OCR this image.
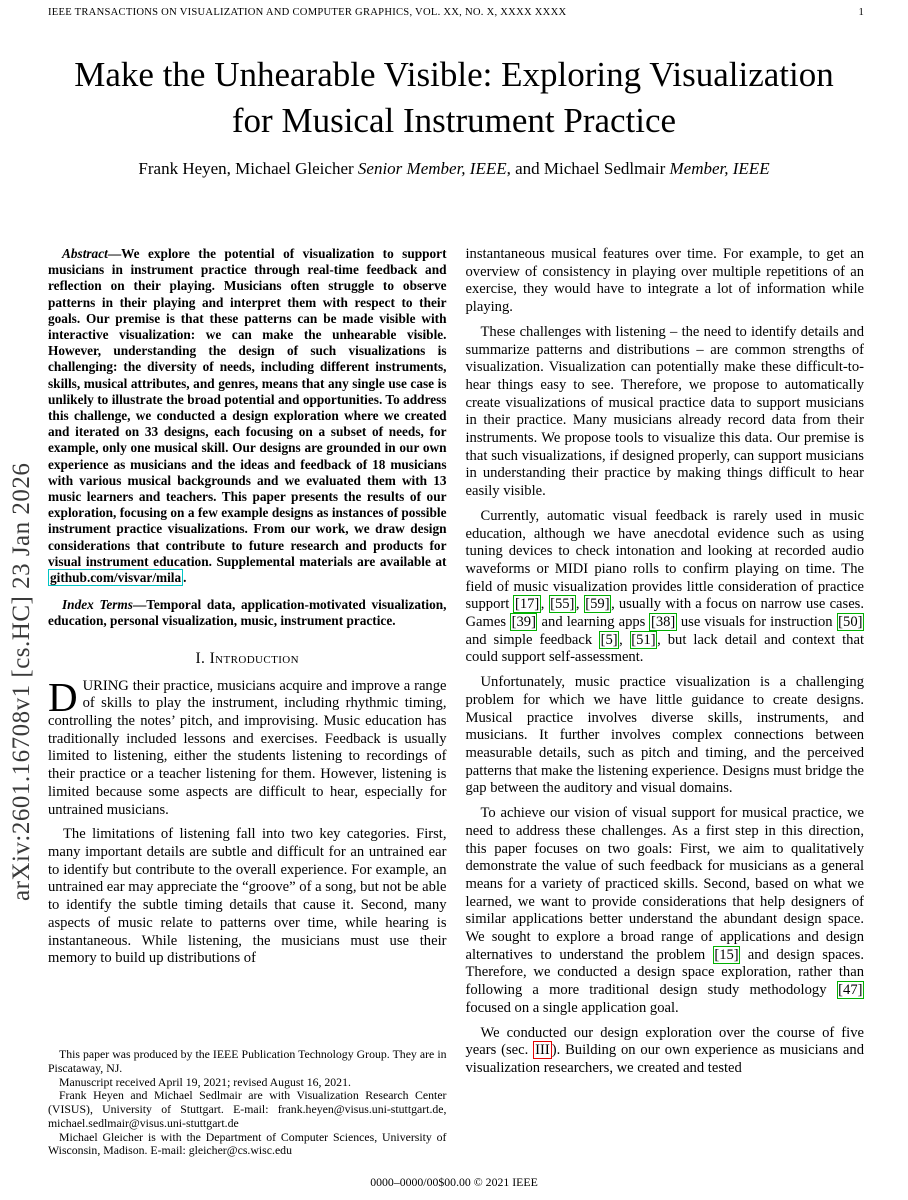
IEEE TRANSACTIONS ON VISUALIZATION AND COMPUTER GRAPHICS, VOL. XX, NO. X, XXXX XXXX	1
arXiv:2601.16708v1 [cs.HC] 23 Jan 2026
Make the Unhearable Visible: Exploring Visualization for Musical Instrument Practice
Frank Heyen, Michael Gleicher Senior Member, IEEE, and Michael Sedlmair Member, IEEE

Abstract—We explore the potential of visualization to support musicians in instrument practice through real-time feedback and reflection on their playing. Musicians often struggle to observe patterns in their playing and interpret them with respect to their goals. Our premise is that these patterns can be made visible with interactive visualization: we can make the unhearable visible. However, understanding the design of such visualizations is challenging: the diversity of needs, including different instruments, skills, musical attributes, and genres, means that any single use case is unlikely to illustrate the broad potential and opportunities. To address this challenge, we conducted a design exploration where we created and iterated on 33 designs, each focusing on a subset of needs, for example, only one musical skill. Our designs are grounded in our own experience as musicians and the ideas and feedback of 18 musicians with various musical backgrounds and we evaluated them with 13 music learners and teachers. This paper presents the results of our exploration, focusing on a few example designs as instances of possible instrument practice visualizations. From our work, we draw design considerations that contribute to future research and products for visual instrument education. Supplemental materials are available at github.com/visvar/mila .

Index Terms—Temporal data, application-motivated visualization, education, personal visualization, music, instrument practice.

I. Introduction

DURING their practice, musicians acquire and improve a range of skills to play the instrument, including rhythmic timing, controlling the notes’ pitch, and improvising. Music education has traditionally included lessons and exercises. Feedback is usually limited to listening, either the students listening to recordings of their practice or a teacher listening for them. However, listening is limited because some aspects are difficult to hear, especially for untrained musicians.

The limitations of listening fall into two key categories. First, many important details are subtle and difficult for an untrained ear to identify but contribute to the overall experience. For example, an untrained ear may appreciate the “groove” of a song, but not be able to identify the subtle timing details that cause it. Second, many aspects of music relate to patterns over time, while hearing is instantaneous. While listening, the musicians must use their memory to build up distributions of

This paper was produced by the IEEE Publication Technology Group. They are in Piscataway, NJ.

Manuscript received April 19, 2021; revised August 16, 2021.

Frank Heyen and Michael Sedlmair are with Visualization Research Center (VISUS), University of Stuttgart. E-mail: frank.heyen@visus.uni-stuttgart.de, michael.sedlmair@visus.uni-stuttgart.de

Michael Gleicher is with the Department of Computer Sciences, University of Wisconsin, Madison. E-mail: gleicher@cs.wisc.edu

instantaneous musical features over time. For example, to get an overview of consistency in playing over multiple repetitions of an exercise, they would have to integrate a lot of information while playing.

These challenges with listening – the need to identify details and summarize patterns and distributions – are common strengths of visualization. Visualization can potentially make these difficult-to-hear things easy to see. Therefore, we propose to automatically create visualizations of musical practice data to support musicians in their practice. Many musicians already record data from their instruments. We propose tools to visualize this data. Our premise is that such visualizations, if designed properly, can support musicians in understanding their practice by making things difficult to hear easily visible.

Currently, automatic visual feedback is rarely used in music education, although we have anecdotal evidence such as using tuning devices to check intonation and looking at recorded audio waveforms or MIDI piano rolls to confirm playing on time. The field of music visualization provides little consideration of practice support [17] , [55] , [59] , usually with a focus on narrow use cases. Games [39] and learning apps [38] use visuals for instruction [50] and simple feedback [5] , [51] , but lack detail and context that could support self-assessment.

Unfortunately, music practice visualization is a challenging problem for which we have little guidance to create designs. Musical practice involves diverse skills, instruments, and musicians. It further involves complex connections between measurable details, such as pitch and timing, and the perceived patterns that make the listening experience. Designs must bridge the gap between the auditory and visual domains.

To achieve our vision of visual support for musical practice, we need to address these challenges. As a first step in this direction, this paper focuses on two goals: First, we aim to qualitatively demonstrate the value of such feedback for musicians as a general means for a variety of practiced skills. Second, based on what we learned, we want to provide considerations that help designers of similar applications better understand the abundant design space. We sought to explore a broad range of applications and design alternatives to understand the problem [15] and design spaces. Therefore, we conducted a design space exploration, rather than following a more traditional design study methodology [47] focused on a single application goal.

We conducted our design exploration over the course of five years (sec. III ). Building on our own experience as musicians and visualization researchers, we created and tested

0000–0000/00$00.00 © 2021 IEEE
